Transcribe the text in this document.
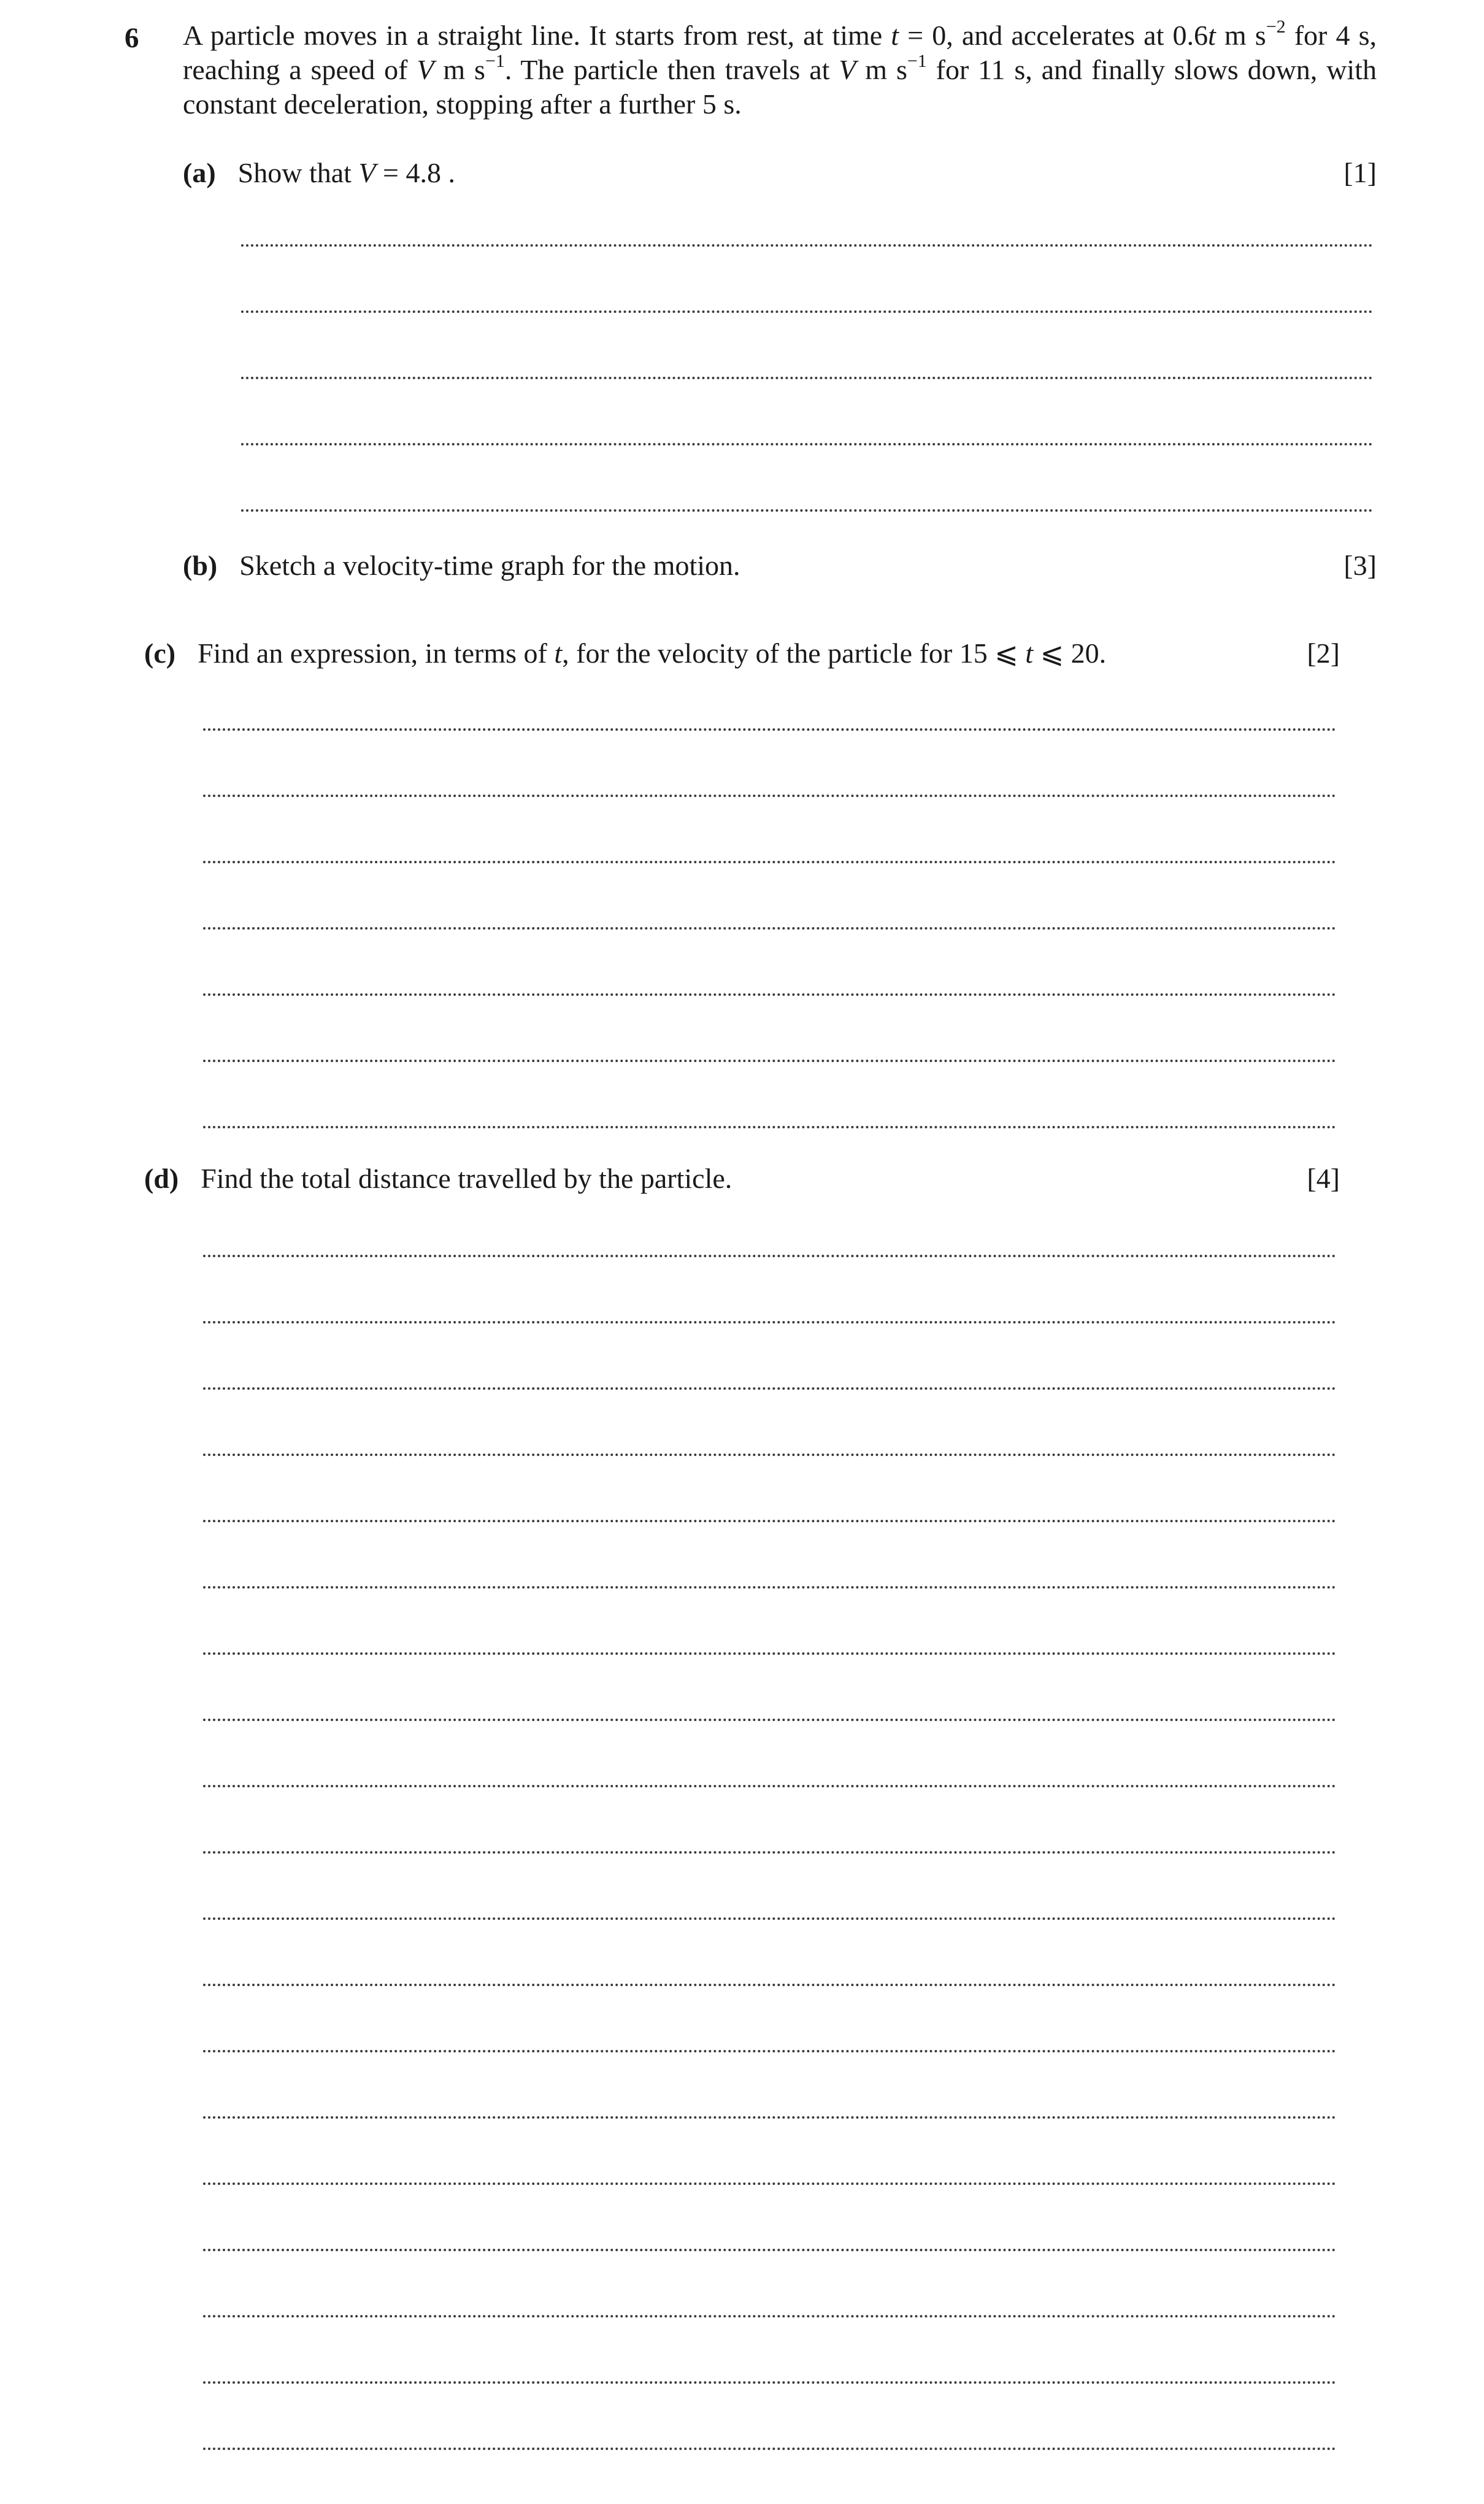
6 A particle moves in a straight line. It starts from rest, at time t = 0, and accelerates at 0.6t m $s^{-2}$ for 4 s,
reaching a speed of V m $s^{-1}$. The particle then travels at V m $s^{-1}$ for 11 s, and finally slows down, with
constant deceleration, stopping after a further 5 s.
(a) Show that V = 4.8 .	[1]
(b) Sketch a velocity-time graph for the motion.	[3]
(c) Find an expression, in terms of t, for the velocity of the particle for 15 ⩽ t ⩽ 20.	[2]
(d) Find the total distance travelled by the particle.	[4]
